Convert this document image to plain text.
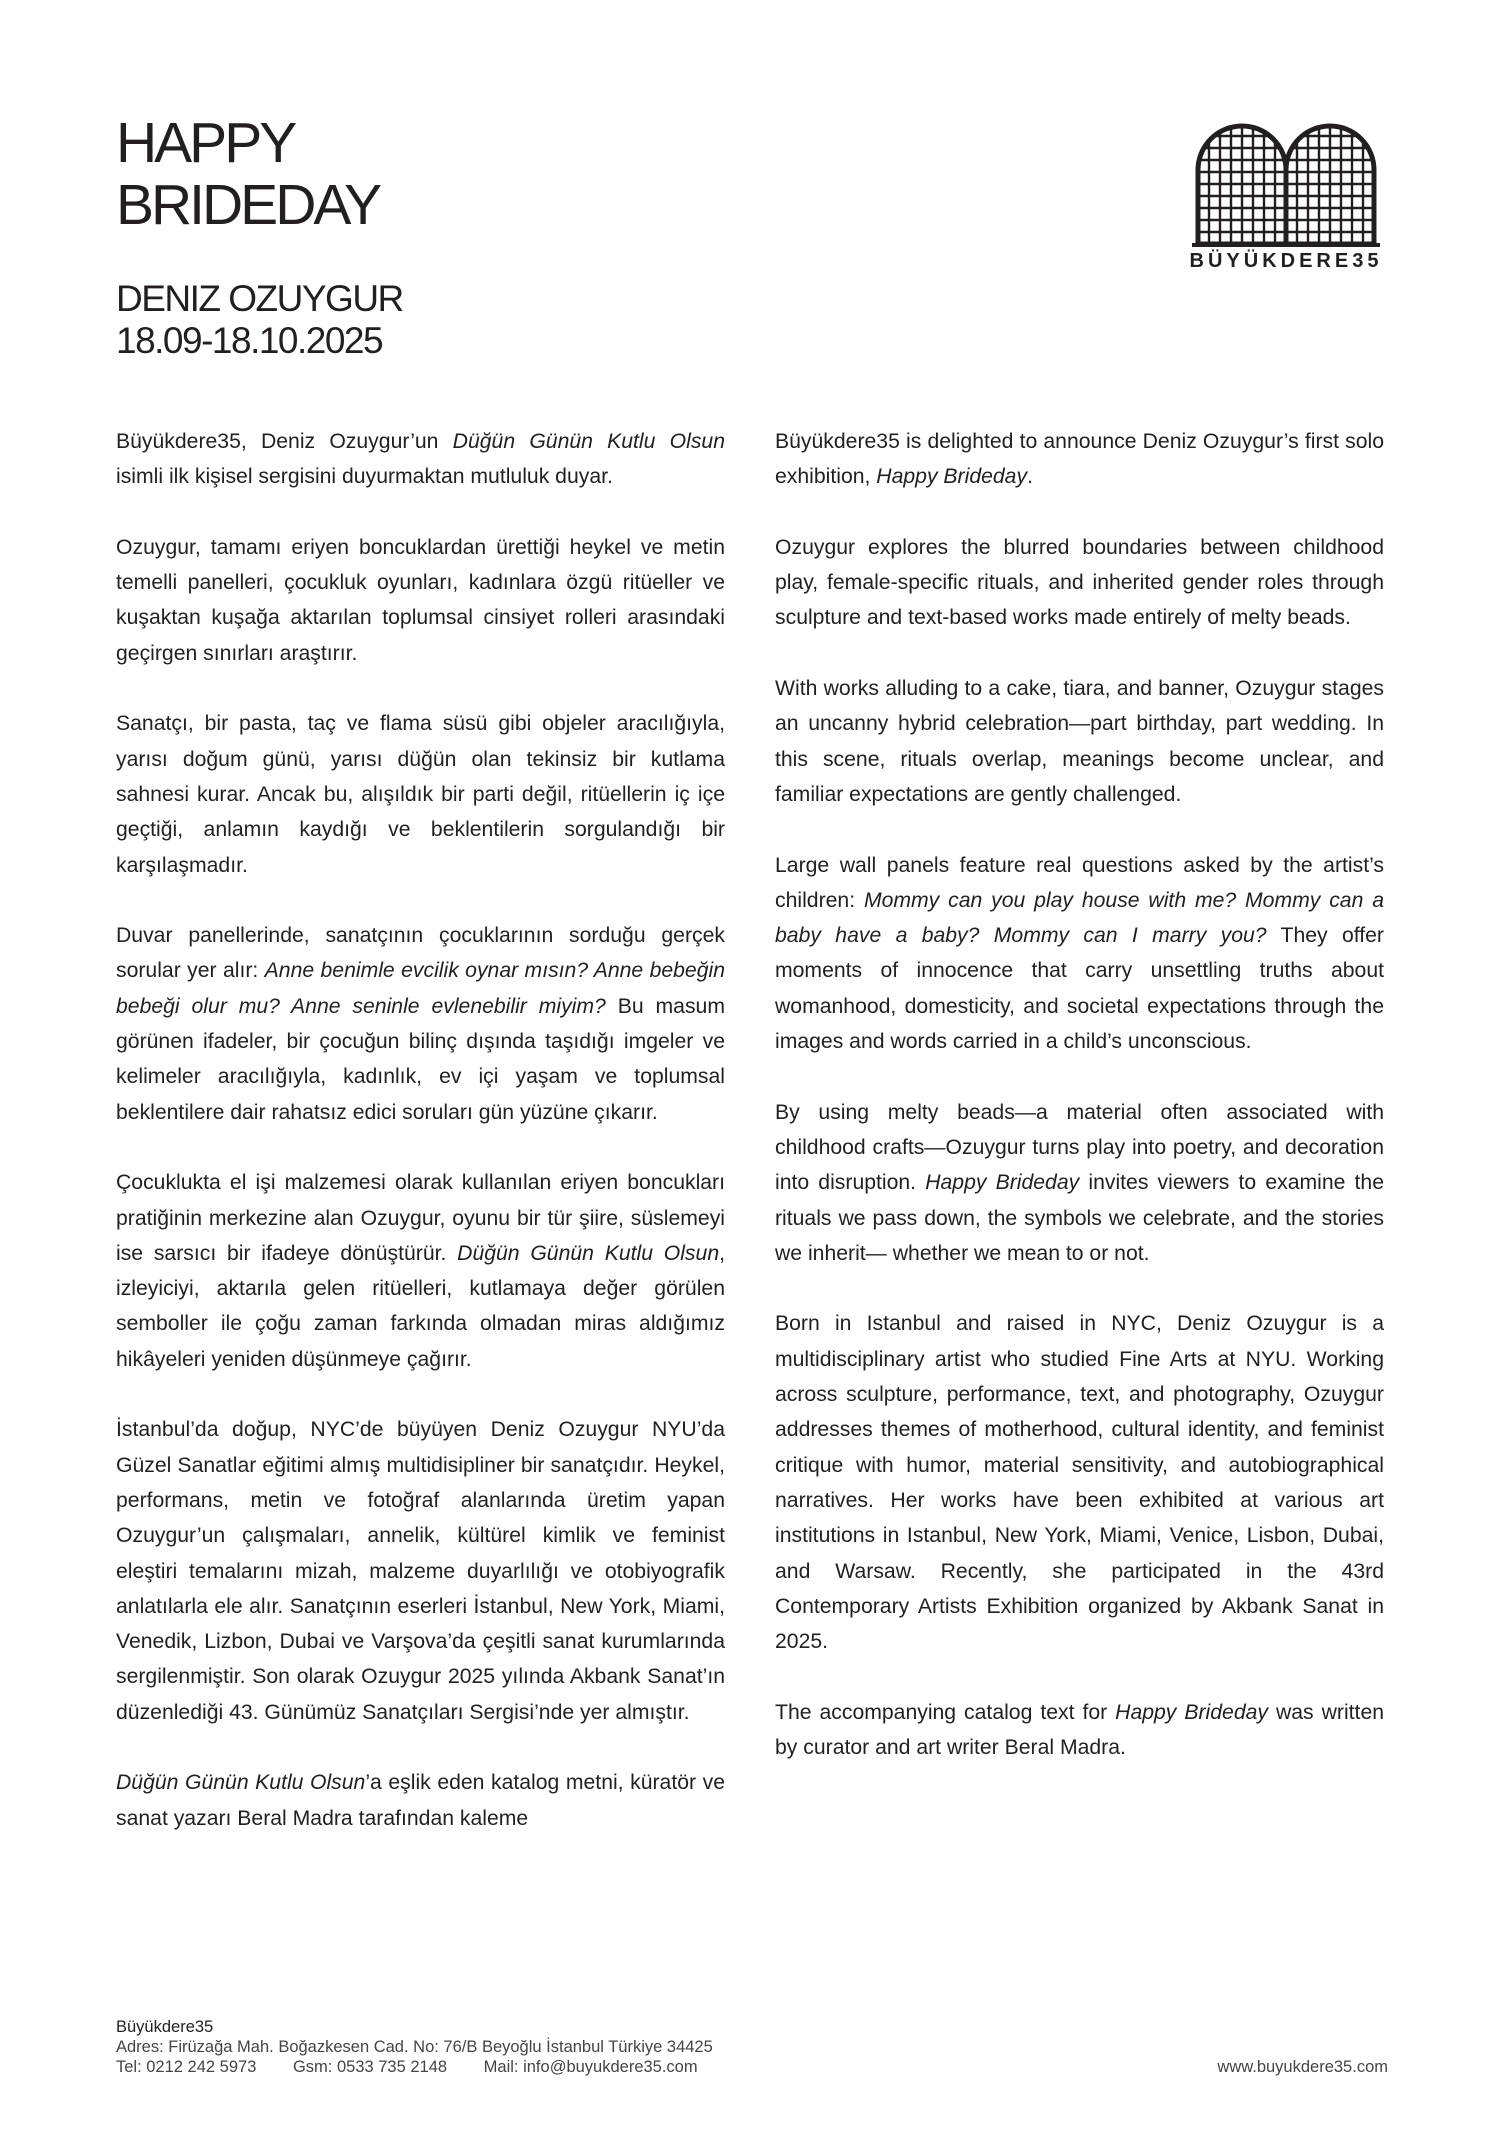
HAPPY
BRIDEDAY
DENIZ OZUYGUR
18.09-18.10.2025
BÜYÜKDERE35

Büyükdere35, Deniz Ozuygur’un Düğün Günün Kutlu Olsun isimli ilk kişisel sergisini duyurmaktan mutluluk duyar.

Ozuygur, tamamı eriyen boncuklardan ürettiği heykel ve metin temelli panelleri, çocukluk oyunları, kadınlara özgü ritüeller ve kuşaktan kuşağa aktarılan toplumsal cinsiyet rolleri arasındaki geçirgen sınırları araştırır.

Sanatçı, bir pasta, taç ve flama süsü gibi objeler aracılığıyla, yarısı doğum günü, yarısı düğün olan tekinsiz bir kutlama sahnesi kurar. Ancak bu, alışıldık bir parti değil, ritüellerin iç içe geçtiği, anlamın kaydığı ve beklentilerin sorgulandığı bir karşılaşmadır.

Duvar panellerinde, sanatçının çocuklarının sorduğu gerçek sorular yer alır: Anne benimle evcilik oynar mısın? Anne bebeğin bebeği olur mu? Anne seninle evlenebilir miyim? Bu masum görünen ifadeler, bir çocuğun bilinç dışında taşıdığı imgeler ve kelimeler aracılığıyla, kadınlık, ev içi yaşam ve toplumsal beklentilere dair rahatsız edici soruları gün yüzüne çıkarır.

Çocuklukta el işi malzemesi olarak kullanılan eriyen boncukları pratiğinin merkezine alan Ozuygur, oyunu bir tür şiire, süslemeyi ise sarsıcı bir ifadeye dönüştürür. Düğün Günün Kutlu Olsun, izleyiciyi, aktarıla gelen ritüelleri, kutlamaya değer görülen semboller ile çoğu zaman farkında olmadan miras aldığımız hikâyeleri yeniden düşünmeye çağırır.

İstanbul’da doğup, NYC’de büyüyen Deniz Ozuygur NYU’da Güzel Sanatlar eğitimi almış multidisipliner bir sanatçıdır. Heykel, performans, metin ve fotoğraf alanlarında üretim yapan Ozuygur’un çalışmaları, annelik, kültürel kimlik ve feminist eleştiri temalarını mizah, malzeme duyarlılığı ve otobiyografik anlatılarla ele alır. Sanatçının eserleri İstanbul, New York, Miami, Venedik, Lizbon, Dubai ve Varşova’da çeşitli sanat kurumlarında sergilenmiştir. Son olarak Ozuygur 2025 yılında Akbank Sanat’ın düzenlediği 43. Günümüz Sanatçıları Sergisi’nde yer almıştır.

Düğün Günün Kutlu Olsun’a eşlik eden katalog metni, küratör ve sanat yazarı Beral Madra tarafından kaleme

Büyükdere35 is delighted to announce Deniz Ozuygur’s first solo exhibition, Happy Brideday.

Ozuygur explores the blurred boundaries between childhood play, female-specific rituals, and inherited gender roles through sculpture and text-based works made entirely of melty beads.

With works alluding to a cake, tiara, and banner, Ozuygur stages an uncanny hybrid celebration—part birthday, part wedding. In this scene, rituals overlap, meanings become unclear, and familiar expectations are gently challenged.

Large wall panels feature real questions asked by the artist’s children: Mommy can you play house with me? Mommy can a baby have a baby? Mommy can I marry you? They offer moments of innocence that carry unsettling truths about womanhood, domesticity, and societal expectations through the images and words carried in a child’s unconscious.

By using melty beads—a material often associated with childhood crafts—Ozuygur turns play into poetry, and decoration into disruption. Happy Brideday invites viewers to examine the rituals we pass down, the symbols we celebrate, and the stories we inherit— whether we mean to or not.

Born in Istanbul and raised in NYC, Deniz Ozuygur is a multidisciplinary artist who studied Fine Arts at NYU. Working across sculpture, performance, text, and photography, Ozuygur addresses themes of motherhood, cultural identity, and feminist critique with humor, material sensitivity, and autobiographical narratives. Her works have been exhibited at various art institutions in Istanbul, New York, Miami, Venice, Lisbon, Dubai, and Warsaw. Recently, she participated in the 43rd Contemporary Artists Exhibition organized by Akbank Sanat in 2025.

The accompanying catalog text for Happy Brideday was written by curator and art writer Beral Madra.

Büyükdere35
Adres: Firüzağa Mah. Boğazkesen Cad. No: 76/B Beyoğlu İstanbul Türkiye 34425
Tel: 0212 242 5973 Gsm: 0533 735 2148 Mail: info@buyukdere35.com	www.buyukdere35.com
